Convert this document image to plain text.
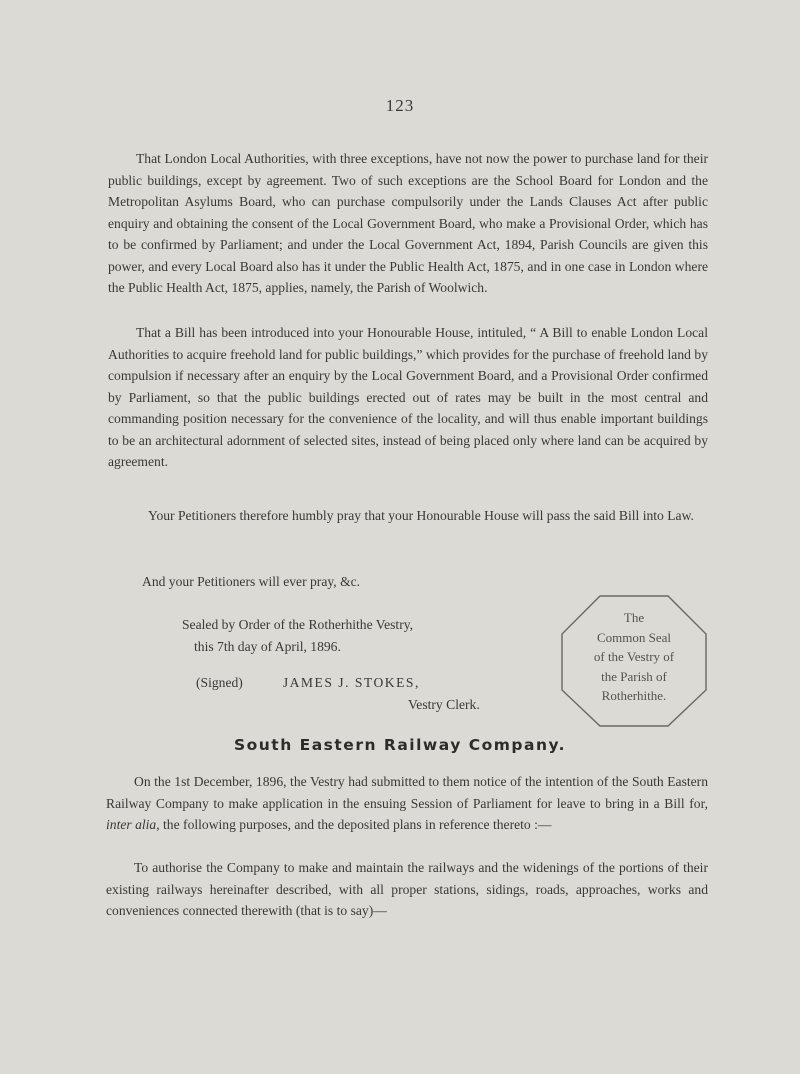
123

That London Local Authorities, with three exceptions, have not now the power to purchase land for their public buildings, except by agreement. Two of such exceptions are the School Board for London and the Metropolitan Asylums Board, who can purchase compulsorily under the Lands Clauses Act after public enquiry and obtaining the consent of the Local Government Board, who make a Provisional Order, which has to be confirmed by Parliament; and under the Local Government Act, 1894, Parish Councils are given this power, and every Local Board also has it under the Public Health Act, 1875, and in one case in London where the Public Health Act, 1875, applies, namely, the Parish of Woolwich.

That a Bill has been introduced into your Honourable House, intituled, “ A Bill to enable London Local Authorities to acquire freehold land for public buildings,” which provides for the purchase of freehold land by compulsion if necessary after an enquiry by the Local Government Board, and a Provisional Order confirmed by Parliament, so that the public buildings erected out of rates may be built in the most central and commanding position necessary for the convenience of the locality, and will thus enable important buildings to be an architectural adornment of selected sites, instead of being placed only where land can be acquired by agreement.

Your Petitioners therefore humbly pray that your Honourable House will pass the said Bill into Law.

And your Petitioners will ever pray, &c.

Sealed by Order of the Rotherhithe Vestry,
this 7th day of April, 1896.
(Signed)	JAMES J. STOKES,
Vestry Clerk.
The
Common Seal
of the Vestry of
the Parish of
Rotherhithe.
South Eastern Railway Company.

On the 1st December, 1896, the Vestry had submitted to them notice of the intention of the South Eastern Railway Company to make application in the ensuing Session of Parliament for leave to bring in a Bill for, inter alia, the following purposes, and the deposited plans in reference thereto :—

To authorise the Company to make and maintain the railways and the widenings of the portions of their existing railways hereinafter described, with all proper stations, sidings, roads, approaches, works and conveniences connected therewith (that is to say)—
